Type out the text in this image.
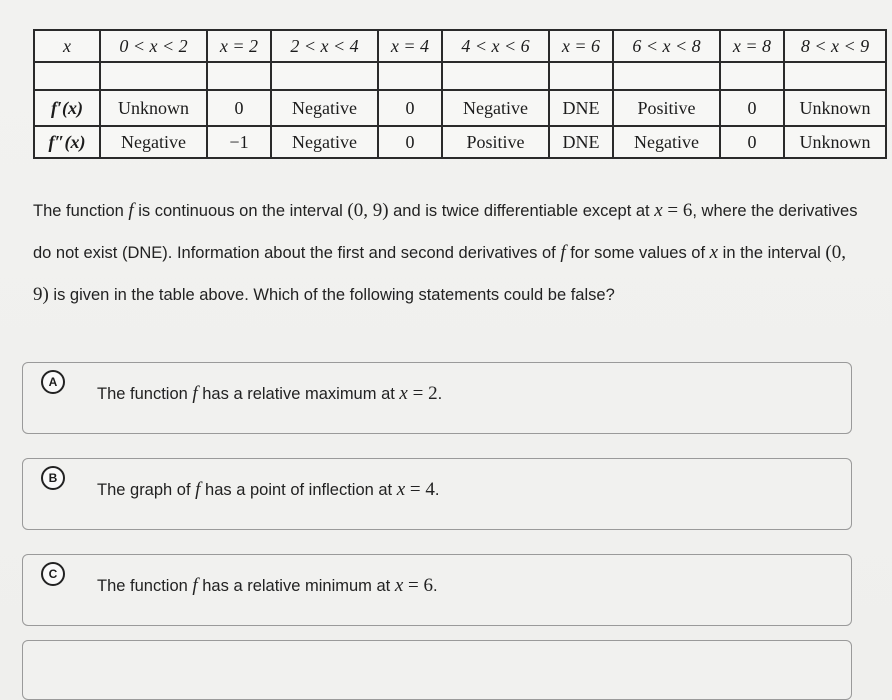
x	0 < x < 2	x = 2	2 < x < 4	x = 4	4 < x < 6	x = 6	6 < x < 8	x = 8	8 < x < 9

f′(x)	Unknown	0	Negative	0	Negative	DNE	Positive	0	Unknown
f″(x)	Negative	−1	Negative	0	Positive	DNE	Negative	0	Unknown
The function f is continuous on the interval (0, 9) and is twice differentiable except at x = 6, where the derivatives do not exist (DNE). Information about the first and second derivatives of f for some values of x in the interval (0, 9) is given in the table above. Which of the following statements could be false?
A
The function f has a relative maximum at x = 2.
B
The graph of f has a point of inflection at x = 4.
C
The function f has a relative minimum at x = 6.
